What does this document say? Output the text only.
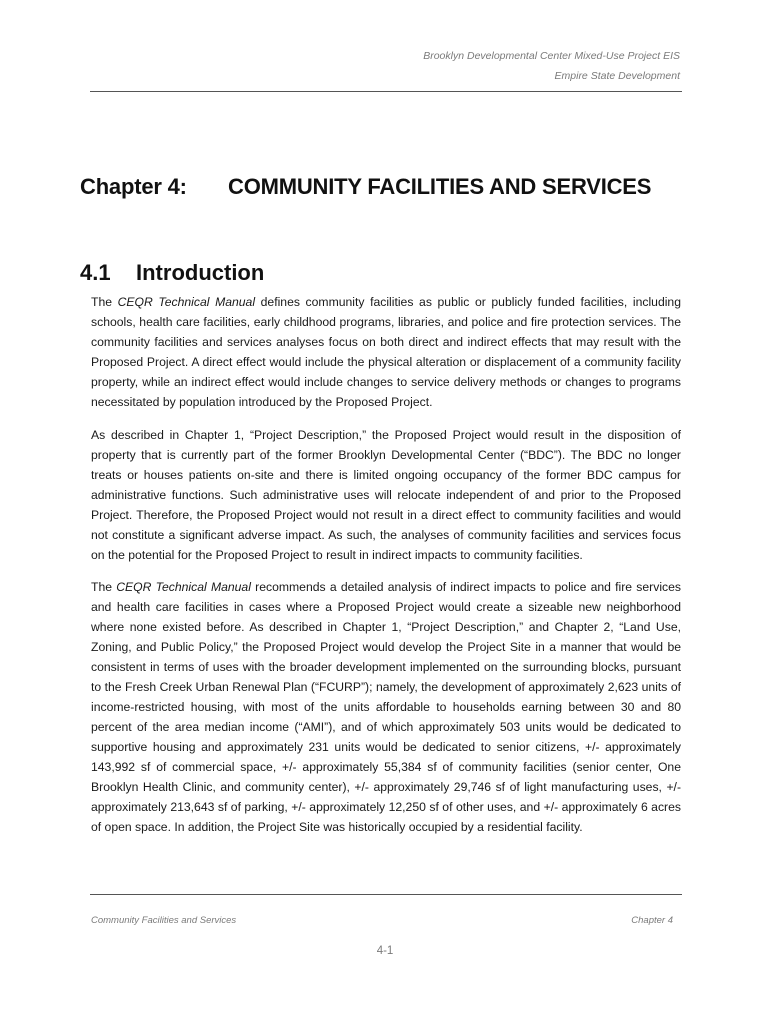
Brooklyn Developmental Center Mixed-Use Project EIS
Empire State Development
Chapter 4: COMMUNITY FACILITIES AND SERVICES
4.1 Introduction

The CEQR Technical Manual defines community facilities as public or publicly funded facilities, including schools, health care facilities, early childhood programs, libraries, and police and fire protection services. The community facilities and services analyses focus on both direct and indirect effects that may result with the Proposed Project. A direct effect would include the physical alteration or displacement of a community facility property, while an indirect effect would include changes to service delivery methods or changes to programs necessitated by population introduced by the Proposed Project.

As described in Chapter 1, “Project Description,” the Proposed Project would result in the disposition of property that is currently part of the former Brooklyn Developmental Center (“BDC”). The BDC no longer treats or houses patients on-site and there is limited ongoing occupancy of the former BDC campus for administrative functions. Such administrative uses will relocate independent of and prior to the Proposed Project. Therefore, the Proposed Project would not result in a direct effect to community facilities and would not constitute a significant adverse impact. As such, the analyses of community facilities and services focus on the potential for the Proposed Project to result in indirect impacts to community facilities.

The CEQR Technical Manual recommends a detailed analysis of indirect impacts to police and fire services and health care facilities in cases where a Proposed Project would create a sizeable new neighborhood where none existed before. As described in Chapter 1, “Project Description,” and Chapter 2, “Land Use, Zoning, and Public Policy,” the Proposed Project would develop the Project Site in a manner that would be consistent in terms of uses with the broader development implemented on the surrounding blocks, pursuant to the Fresh Creek Urban Renewal Plan (“FCURP”); namely, the development of approximately 2,623 units of income-restricted housing, with most of the units affordable to households earning between 30 and 80 percent of the area median income (“AMI”), and of which approximately 503 units would be dedicated to supportive housing and approximately 231 units would be dedicated to senior citizens, +/- approximately 143,992 sf of commercial space, +/- approximately 55,384 sf of community facilities (senior center, One Brooklyn Health Clinic, and community center), +/- approximately 29,746 sf of light manufacturing uses, +/- approximately 213,643 sf of parking, +/- approximately 12,250 sf of other uses, and +/- approximately 6 acres of open space. In addition, the Project Site was historically occupied by a residential facility.

Community Facilities and Services	Chapter 4
4-1
